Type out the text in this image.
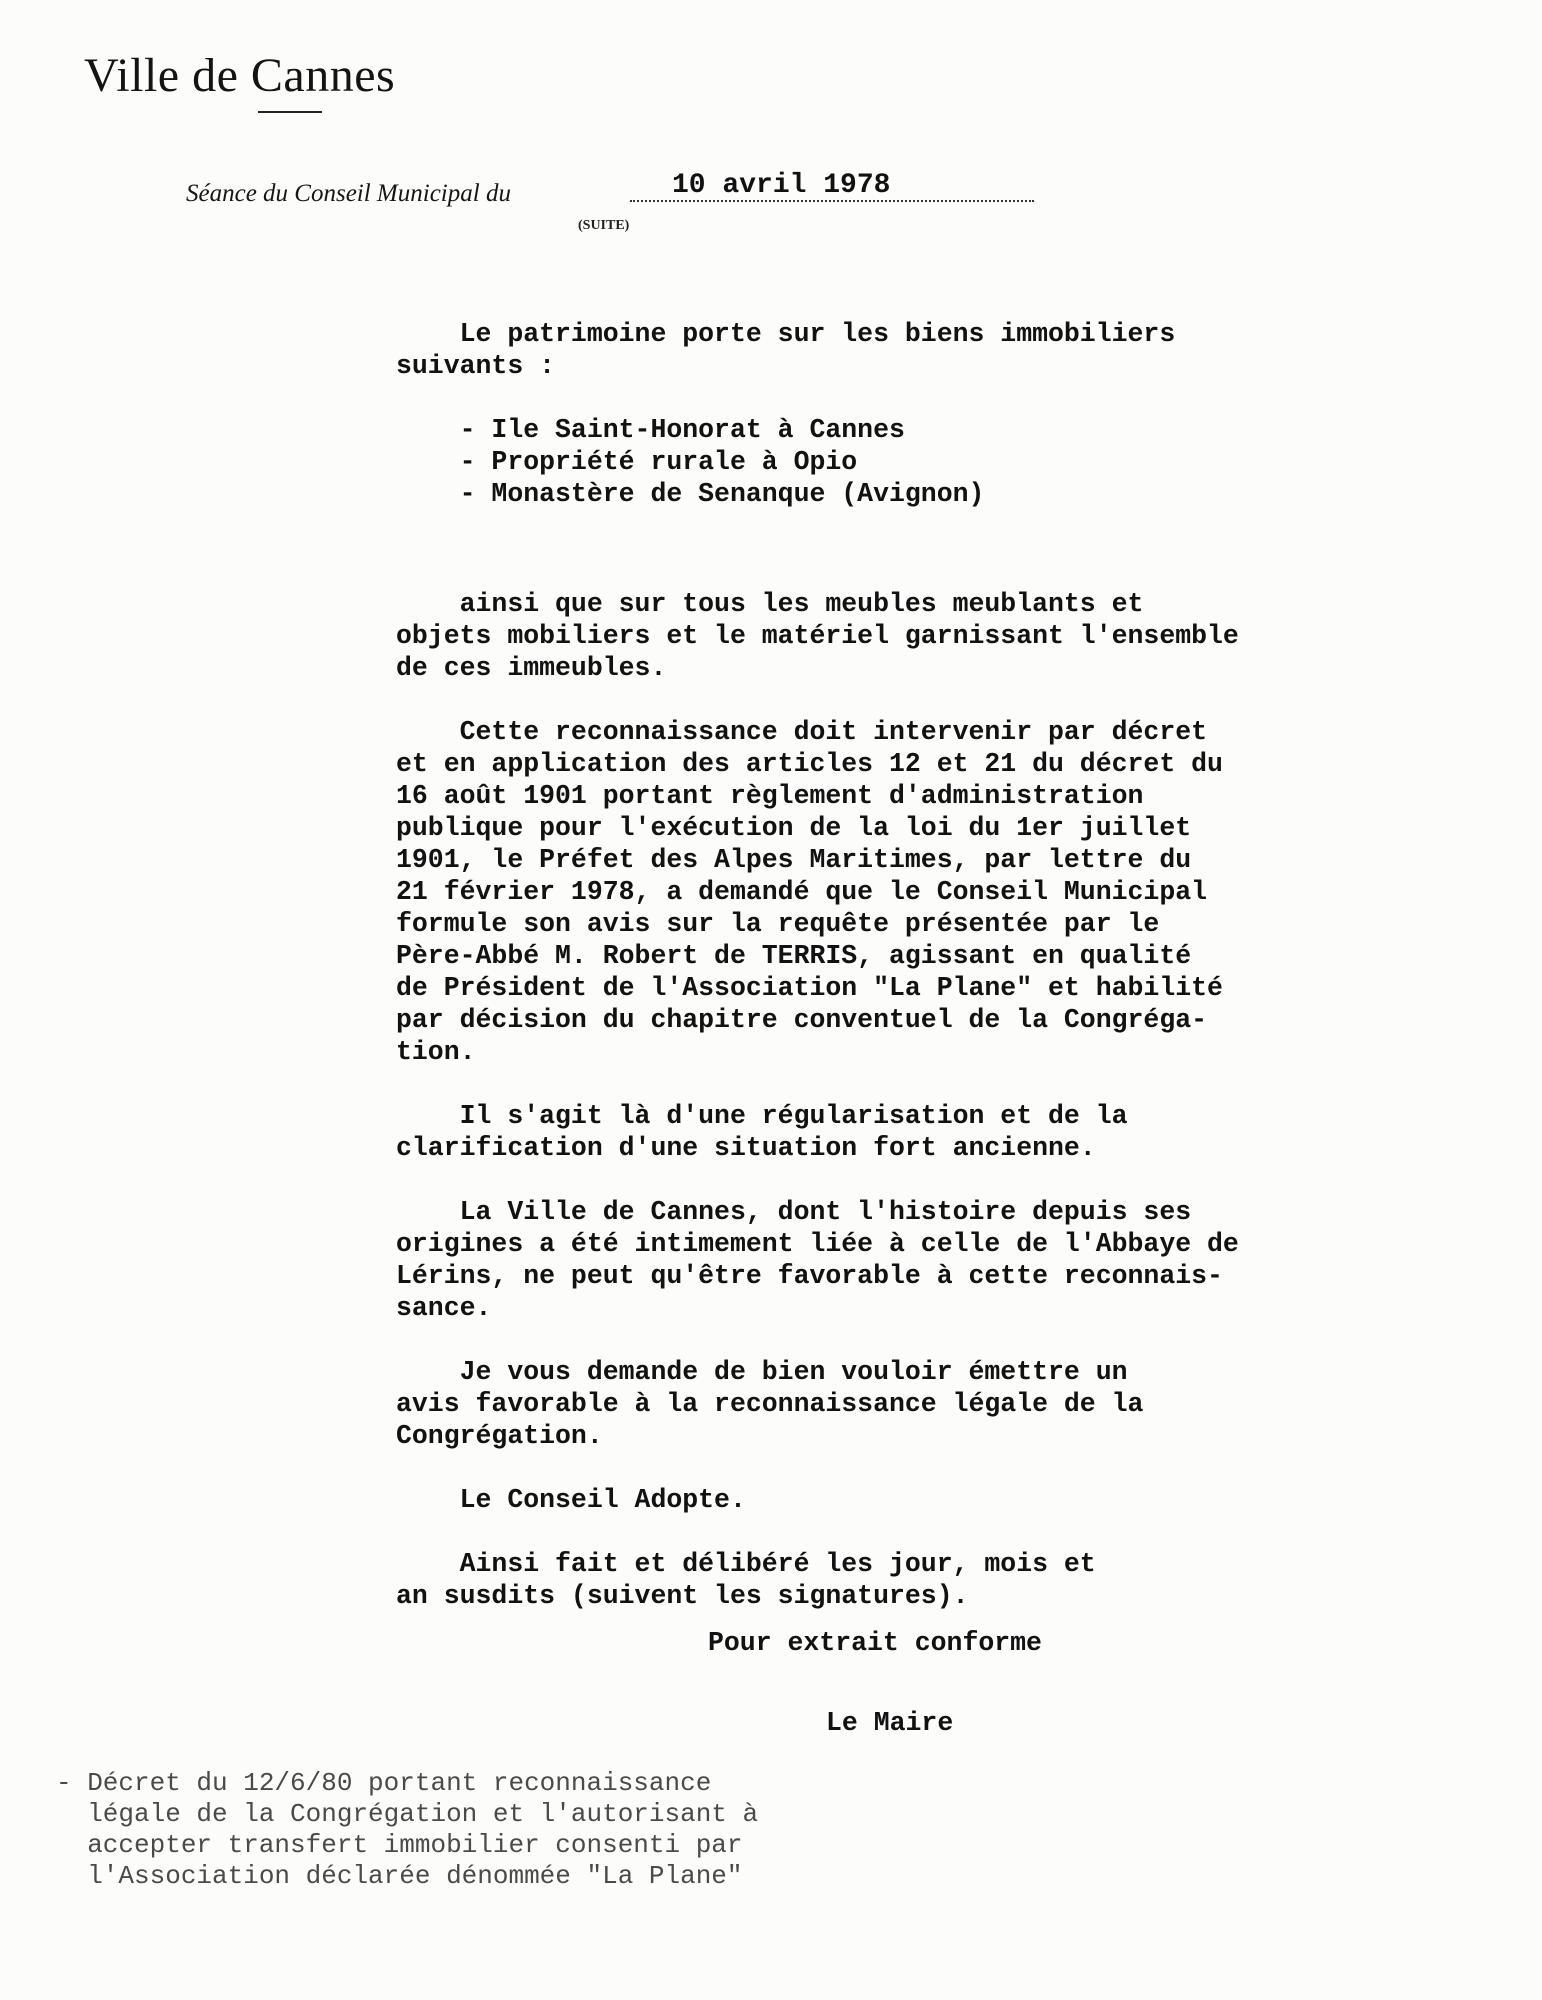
Ville de Cannes
Séance du Conseil Municipal du	10 avril 1978
(SUITE)

Le patrimoine porte sur les biens immobiliers
suivants :

- Ile Saint-Honorat à Cannes

- Propriété rurale à Opio

- Monastère de Senanque (Avignon)

ainsi que sur tous les meubles meublants et
objets mobiliers et le matériel garnissant l'ensemble
de ces immeubles.

Cette reconnaissance doit intervenir par décret
et en application des articles 12 et 21 du décret du
16 août 1901 portant règlement d'administration
publique pour l'exécution de la loi du 1er juillet
1901, le Préfet des Alpes Maritimes, par lettre du
21 février 1978, a demandé que le Conseil Municipal
formule son avis sur la requête présentée par le
Père-Abbé M. Robert de TERRIS, agissant en qualité
de Président de l'Association "La Plane" et habilité
par décision du chapitre conventuel de la Congréga-
tion.

Il s'agit là d'une régularisation et de la
clarification d'une situation fort ancienne.

La Ville de Cannes, dont l'histoire depuis ses
origines a été intimement liée à celle de l'Abbaye de
Lérins, ne peut qu'être favorable à cette reconnais-
sance.

Je vous demande de bien vouloir émettre un
avis favorable à la reconnaissance légale de la
Congrégation.

Le Conseil Adopte.

Ainsi fait et délibéré les jour, mois et
an susdits (suivent les signatures).

Pour extrait conforme
Le Maire
- Décret du 12/6/80 portant reconnaissance
légale de la Congrégation et l'autorisant à
accepter transfert immobilier consenti par
l'Association déclarée dénommée "La Plane"
